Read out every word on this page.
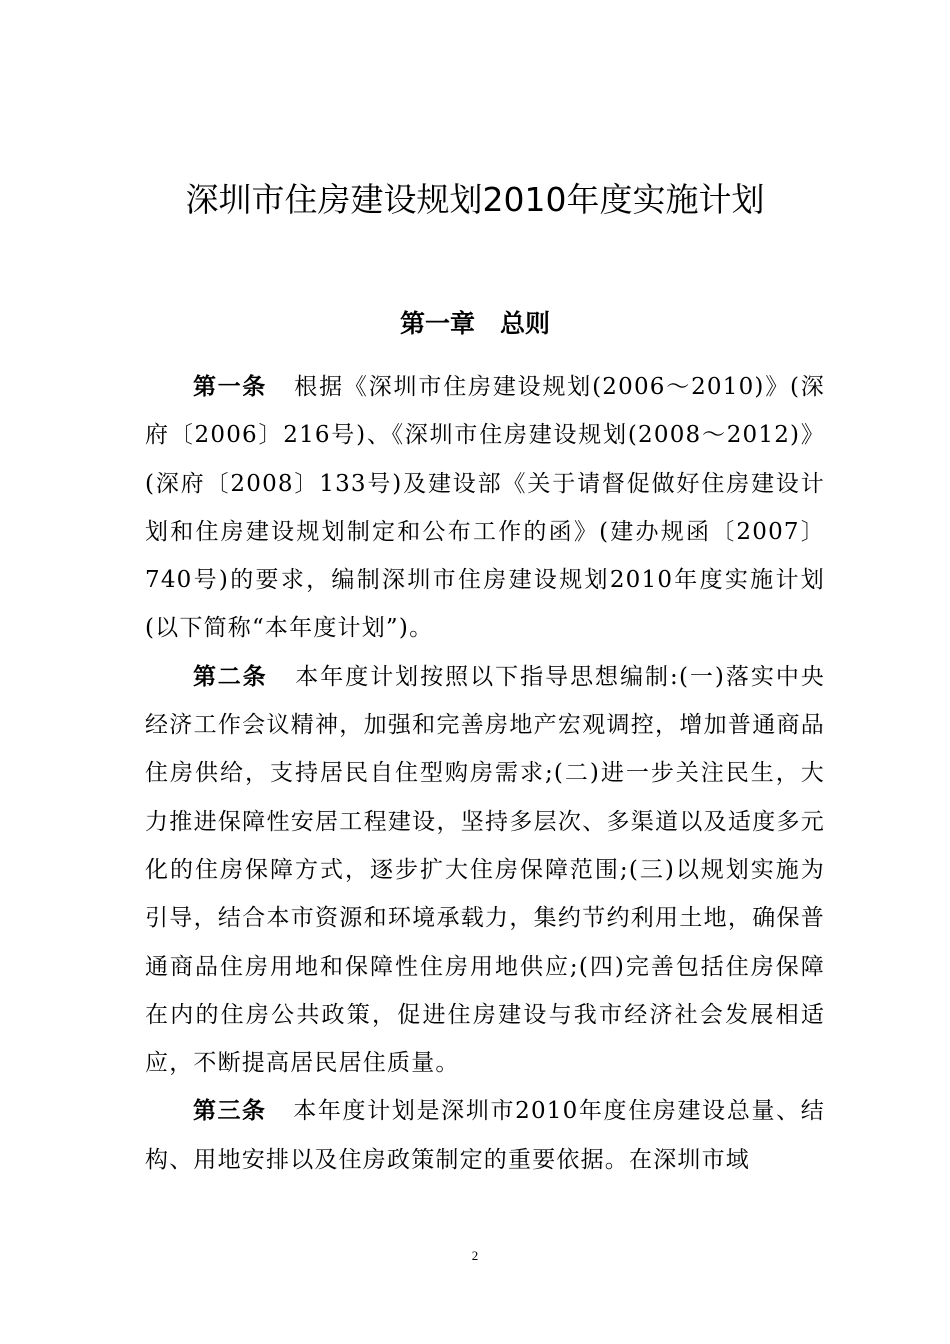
深圳市住房建设规划2010年度实施计划
第一章　总则

第一条 根据《深圳市住房建设规划(2006～2010)》(深府〔2006〕216号)、《深圳市住房建设规划(2008～2012)》(深府〔2008〕133号)及建设部《关于请督促做好住房建设计划和住房建设规划制定和公布工作的函》(建办规函〔2007〕740号)的要求，编制深圳市住房建设规划2010年度实施计划(以下简称“本年度计划”)。

第二条 本年度计划按照以下指导思想编制:(一)落实中央经济工作会议精神，加强和完善房地产宏观调控，增加普通商品住房供给，支持居民自住型购房需求;(二)进一步关注民生，大力推进保障性安居工程建设，坚持多层次、多渠道以及适度多元化的住房保障方式，逐步扩大住房保障范围;(三)以规划实施为引导，结合本市资源和环境承载力，集约节约利用土地，确保普通商品住房用地和保障性住房用地供应;(四)完善包括住房保障在内的住房公共政策，促进住房建设与我市经济社会发展相适应，不断提高居民居住质量。

第三条 本年度计划是深圳市2010年度住房建设总量、结构、用地安排以及住房政策制定的重要依据。在深圳市域

2
